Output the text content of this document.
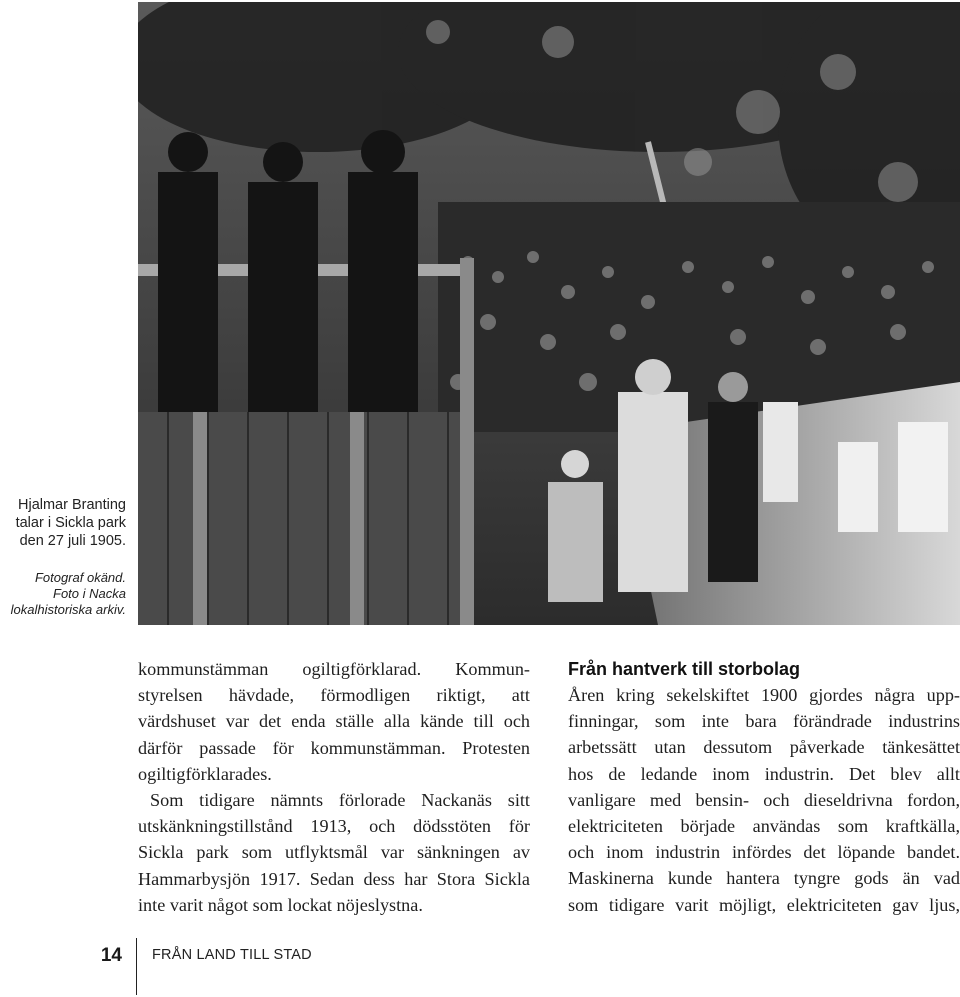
Hjalmar Branting
talar i Sickla park
den 27 juli 1905.
Fotograf okänd.
Foto i Nacka
lokalhistoriska arkiv.
kommunstämman ogiltigförklarad. Kommun-
styrelsen hävdade, förmodligen riktigt, att
värdshuset var det enda ställe alla kände till och
därför passade för kommunstämman. Protesten
ogiltigförklarades.
Som tidigare nämnts förlorade Nackanäs sitt
utskänkningstillstånd 1913, och dödsstöten för
Sickla park som utflyktsmål var sänkningen av
Hammarbysjön 1917. Sedan dess har Stora Sickla
inte varit något som lockat nöjeslystna.
Från hantverk till storbolag
Åren kring sekelskiftet 1900 gjordes några upp-
finningar, som inte bara förändrade industrins
arbetssätt utan dessutom påverkade tänkesättet
hos de ledande inom industrin. Det blev allt
vanligare med bensin- och dieseldrivna fordon,
elektriciteten började användas som kraftkälla,
och inom industrin infördes det löpande bandet.
Maskinerna kunde hantera tyngre gods än vad
som tidigare varit möjligt, elektriciteten gav ljus,
14 FRÅN LAND TILL STAD
